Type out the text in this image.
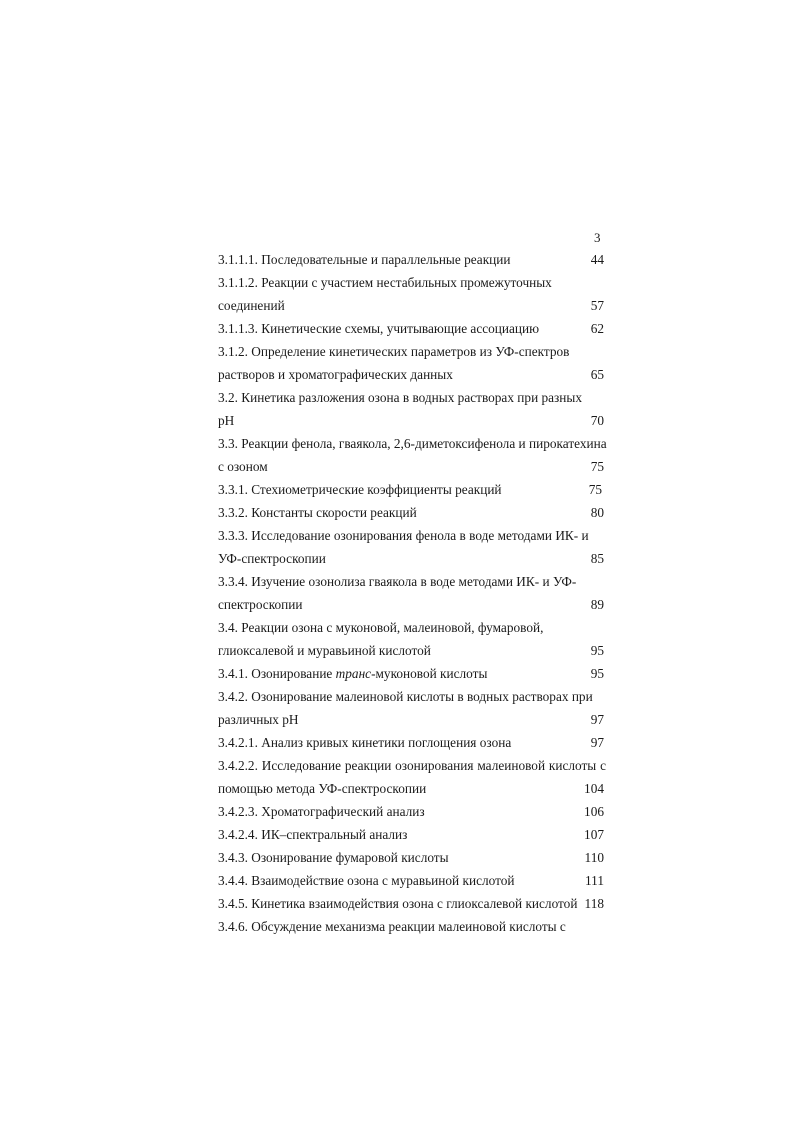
3
3.1.1.1. Последовательные и параллельные реакции	44
3.1.1.2. Реакции с участием нестабильных промежуточных
соединений	57
3.1.1.3. Кинетические схемы, учитывающие ассоциацию	62
3.1.2. Определение кинетических параметров из УФ-спектров
растворов и хроматографических данных	65
3.2. Кинетика разложения озона в водных растворах при разных
pH	70
3.3. Реакции фенола, гваякола, 2,6-диметоксифенола и пирокатехина
с озоном	75
3.3.1. Стехиометрические коэффициенты реакций	75
3.3.2. Константы скорости реакций	80
3.3.3. Исследование озонирования фенола в воде методами ИК- и
УФ-спектроскопии	85
3.3.4. Изучение озонолиза гваякола в воде методами ИК- и УФ-
спектроскопии	89
3.4. Реакции озона с муконовой, малеиновой, фумаровой,
глиоксалевой и муравьиной кислотой	95
3.4.1. Озонирование транс-муконовой кислоты	95
3.4.2. Озонирование малеиновой кислоты в водных растворах при
различных pH	97
3.4.2.1. Анализ кривых кинетики поглощения озона	97
3.4.2.2. Исследование реакции озонирования малеиновой кислоты с
помощью метода УФ-спектроскопии	104
3.4.2.3. Хроматографический анализ	106
3.4.2.4. ИК–спектральный анализ	107
3.4.3. Озонирование фумаровой кислоты	110
3.4.4. Взаимодействие озона с муравьиной кислотой	111
3.4.5. Кинетика взаимодействия озона с глиоксалевой кислотой 118
3.4.6. Обсуждение механизма реакции малеиновой кислоты с
